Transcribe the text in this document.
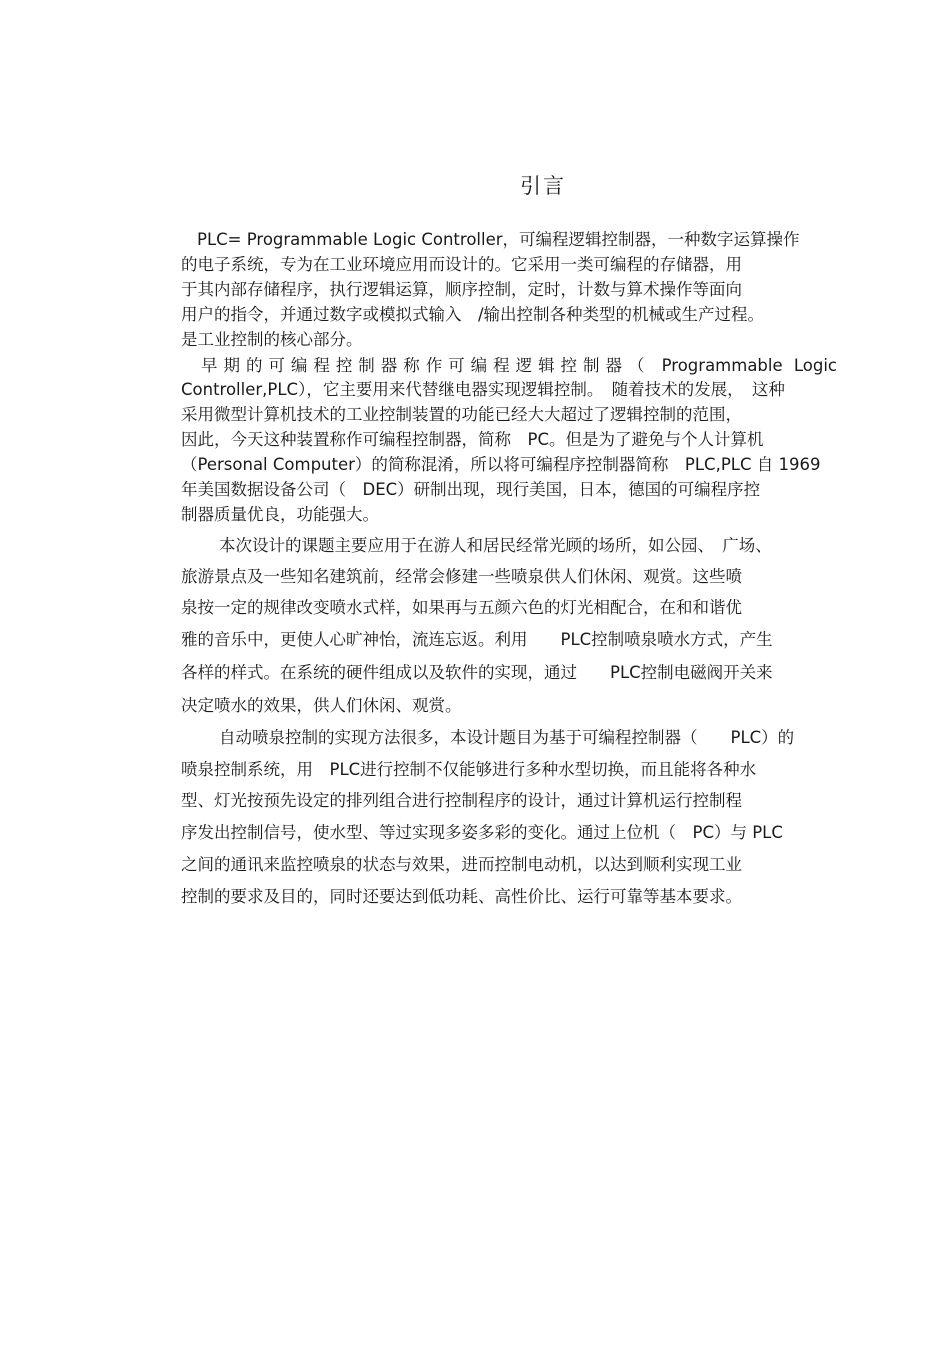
引言
PLC= Programmable Logic Controller，可编程逻辑控制器，一种数字运算操作
的电子系统，专为在工业环境应用而设计的。它采用一类可编程的存储器，用
于其内部存储程序，执行逻辑运算，顺序控制，定时，计数与算术操作等面向
用户的指令，并通过数字或模拟式输入　/输出控制各种类型的机械或生产过程。
是工业控制的核心部分。
早期的可编程控制器称作可编程逻辑控制器（ Programmable Logic
Controller,PLC），它主要用来代替继电器实现逻辑控制。　随着技术的发展，　这种
采用微型计算机技术的工业控制装置的功能已经大大超过了逻辑控制的范围，
因此，今天这种装置称作可编程控制器，简称　PC。但是为了避免与个人计算机
（Personal Computer）的简称混淆，所以将可编程序控制器简称　PLC,PLC 自 1969
年美国数据设备公司（　DEC）研制出现，现行美国，日本，德国的可编程序控
制器质量优良，功能强大。
本次设计的课题主要应用于在游人和居民经常光顾的场所，如公园、　广场、
旅游景点及一些知名建筑前，经常会修建一些喷泉供人们休闲、观赏。这些喷
泉按一定的规律改变喷水式样，如果再与五颜六色的灯光相配合，在和和谐优
雅的音乐中，更使人心旷神怡，流连忘返。利用　　PLC控制喷泉喷水方式，产生
各样的样式。在系统的硬件组成以及软件的实现，通过　　PLC控制电磁阀开关来
决定喷水的效果，供人们休闲、观赏。
自动喷泉控制的实现方法很多，本设计题目为基于可编程控制器（　　PLC）的
喷泉控制系统，用　PLC进行控制不仅能够进行多种水型切换，而且能将各种水
型、灯光按预先设定的排列组合进行控制程序的设计，通过计算机运行控制程
序发出控制信号，使水型、等过实现多姿多彩的变化。通过上位机（　PC）与 PLC
之间的通讯来监控喷泉的状态与效果，进而控制电动机，以达到顺利实现工业
控制的要求及目的，同时还要达到低功耗、高性价比、运行可靠等基本要求。
